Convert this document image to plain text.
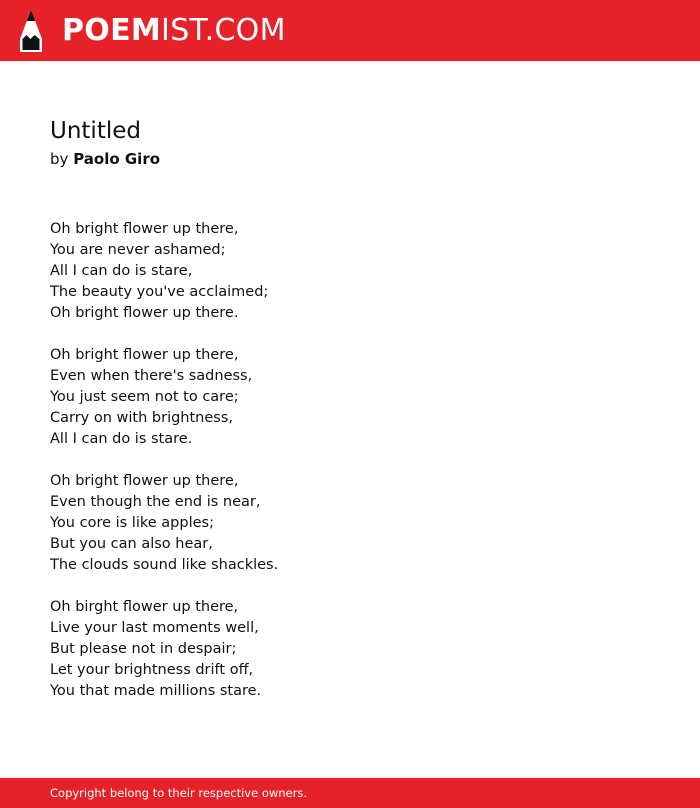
POEMIST.COM
Untitled
by Paolo Giro
Oh bright flower up there,
You are never ashamed;
All I can do is stare,
The beauty you've acclaimed;
Oh bright flower up there.
Oh bright flower up there,
Even when there's sadness,
You just seem not to care;
Carry on with brightness,
All I can do is stare.
Oh bright flower up there,
Even though the end is near,
You core is like apples;
But you can also hear,
The clouds sound like shackles.
Oh birght flower up there,
Live your last moments well,
But please not in despair;
Let your brightness drift off,
You that made millions stare.
Copyright belong to their respective owners.
